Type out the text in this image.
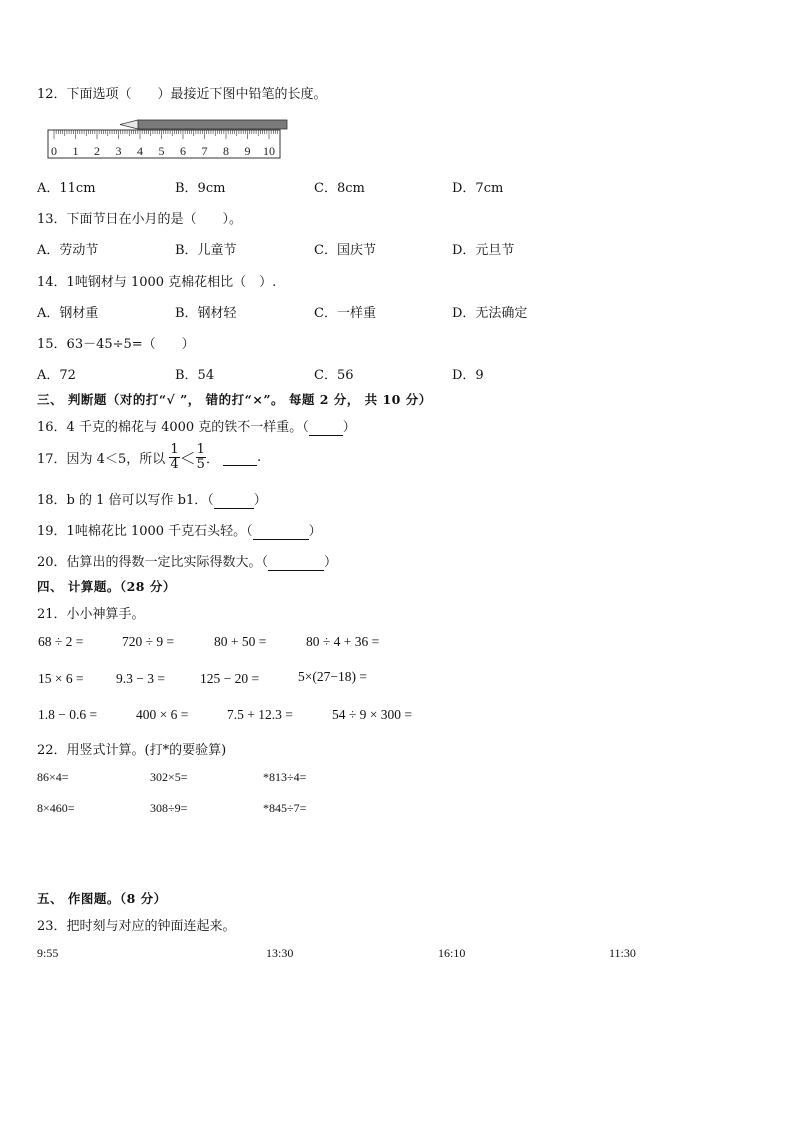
12．下面选项（　　）最接近下图中铅笔的长度。
0 1 2 3 4 5 6 7 8 9 10
A．11cm	B．9cm	C．8cm	D．7cm
13．下面节日在小月的是（　　）。
A．劳动节	B．儿童节	C．国庆节	D．元旦节
14．1吨钢材与 1000 克棉花相比（　）.
A．钢材重	B．钢材轻	C．一样重	D．无法确定
15．63－45÷5=（　　）
A．72	B．54	C．56	D．9
三、 判断题（对的打“√ ”， 错的打“×”。 每题 2 分， 共 10 分）
16．4 千克的棉花与 4000 克的铁不一样重。（	）
17．因为 4＜5，所以 $\frac{1}{4} < \frac{1}{5}$ ．	.
18．b 的 1 倍可以写作 b1．（	）
19．1吨棉花比 1000 千克石头轻。（	）
20．估算出的得数一定比实际得数大。（	）
四、 计算题。（28 分）
21．小小神算手。
68 ÷ 2 =	720 ÷ 9 =	80 + 50 =	80 ÷ 4 + 36 =
15 × 6 = 9.3 − 3 =	125 − 20 =	5×(27−18) =
1.8 − 0.6 =	400 × 6 =	7.5 + 12.3 =	54 ÷ 9 × 300 =
22．用竖式计算。(打*的要验算)
86×4=	302×5=	*813÷4=
8×460=	308÷9=	*845÷7=
五、 作图题。（8 分）
23．把时刻与对应的钟面连起来。
9:55	13:30	16:10	11:30
